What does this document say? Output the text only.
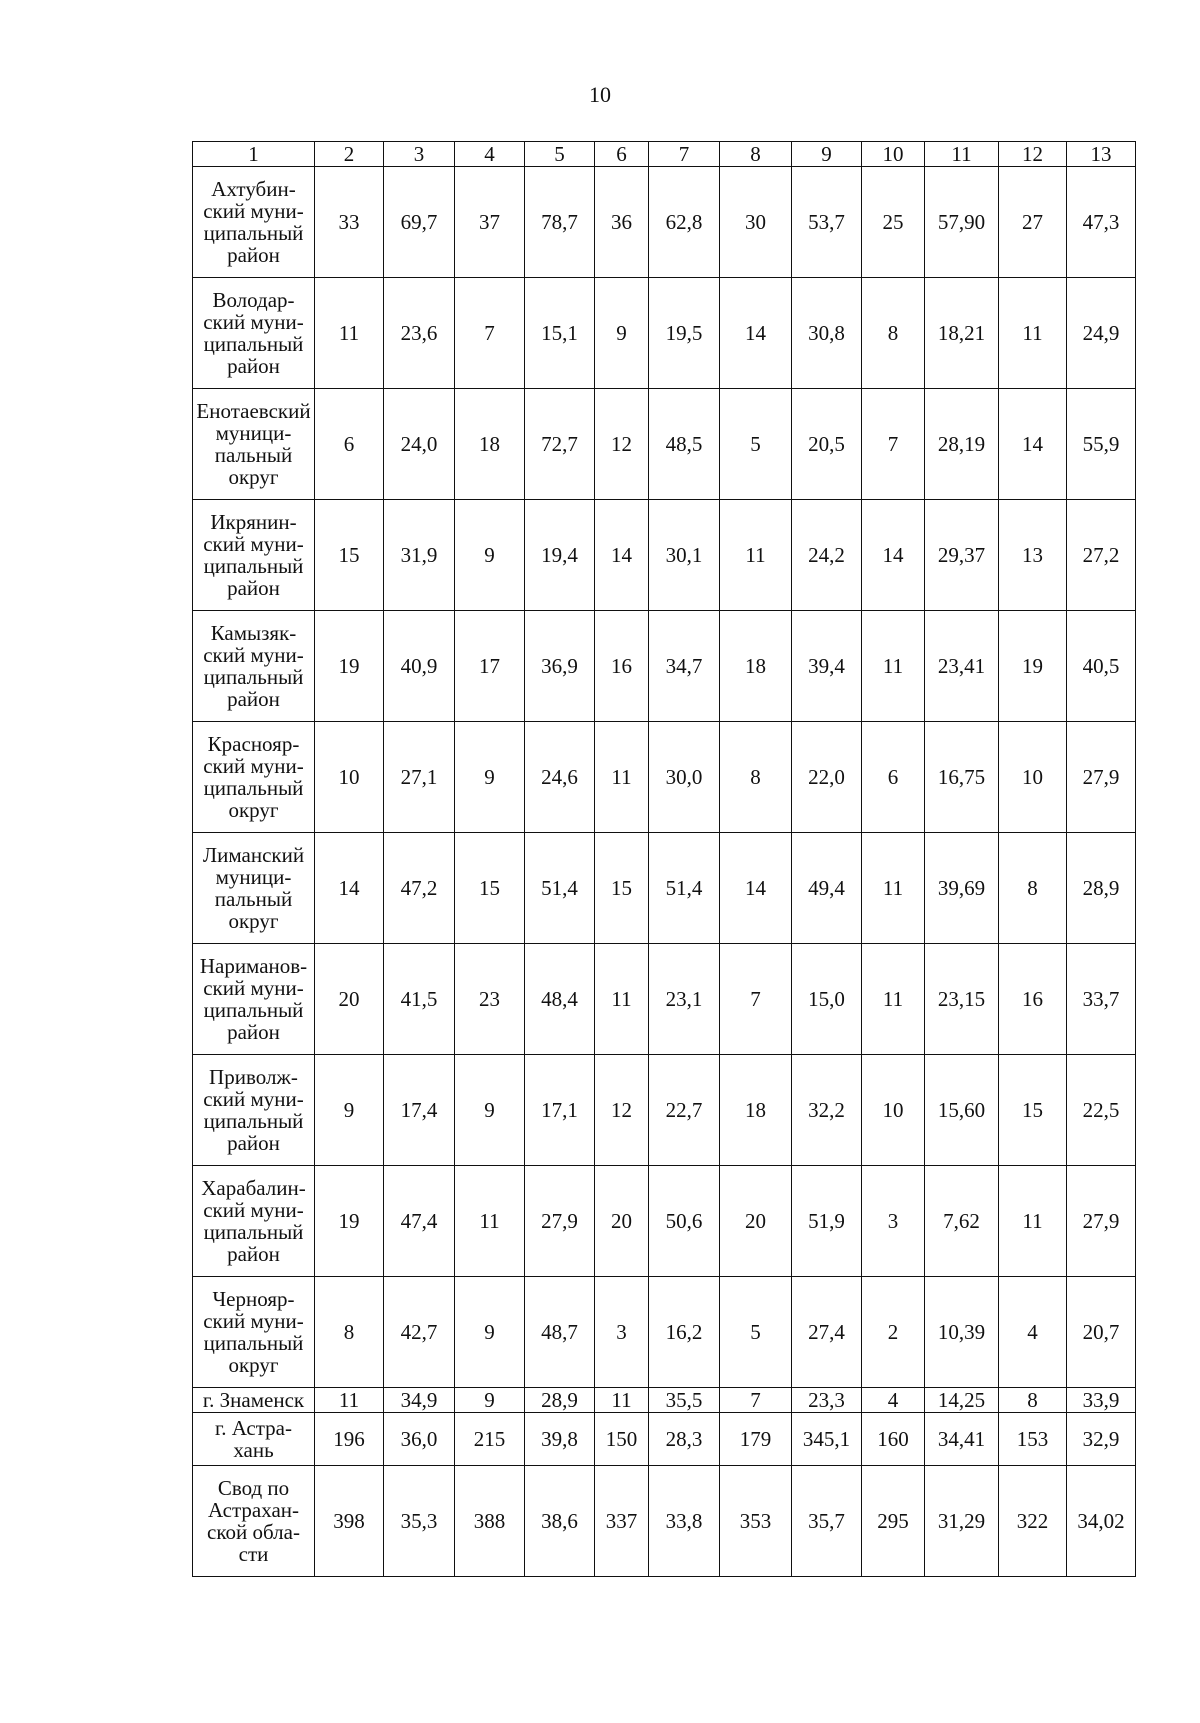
10
1	2	3	4	5	6	7	8	9	10	11	12	13

Ахтубин-
ский муни-
ципальный
район	33	69,7	37	78,7	36	62,8	30	53,7	25	57,90	27	47,3

Володар-
ский муни-
ципальный
район	11	23,6	7	15,1	9	19,5	14	30,8	8	18,21	11	24,9

Енотаевский
муници-
пальный
округ	6	24,0	18	72,7	12	48,5	5	20,5	7	28,19	14	55,9

Икрянин-
ский муни-
ципальный
район	15	31,9	9	19,4	14	30,1	11	24,2	14	29,37	13	27,2

Камызяк-
ский муни-
ципальный
район	19	40,9	17	36,9	16	34,7	18	39,4	11	23,41	19	40,5

Краснояр-
ский муни-
ципальный
округ	10	27,1	9	24,6	11	30,0	8	22,0	6	16,75	10	27,9

Лиманский
муници-
пальный
округ	14	47,2	15	51,4	15	51,4	14	49,4	11	39,69	8	28,9

Нариманов-
ский муни-
ципальный
район	20	41,5	23	48,4	11	23,1	7	15,0	11	23,15	16	33,7

Приволж-
ский муни-
ципальный
район	9	17,4	9	17,1	12	22,7	18	32,2	10	15,60	15	22,5

Харабалин-
ский муни-
ципальный
район	19	47,4	11	27,9	20	50,6	20	51,9	3	7,62	11	27,9

Чернояр-
ский муни-
ципальный
округ	8	42,7	9	48,7	3	16,2	5	27,4	2	10,39	4	20,7

г. Знаменск	11	34,9	9	28,9	11	35,5	7	23,3	4	14,25	8	33,9

г. Астра-
хань	196	36,0	215	39,8	150	28,3	179	345,1	160	34,41	153	32,9

Свод по
Астрахан-
ской обла-
сти	398	35,3	388	38,6	337	33,8	353	35,7	295	31,29	322	34,02
